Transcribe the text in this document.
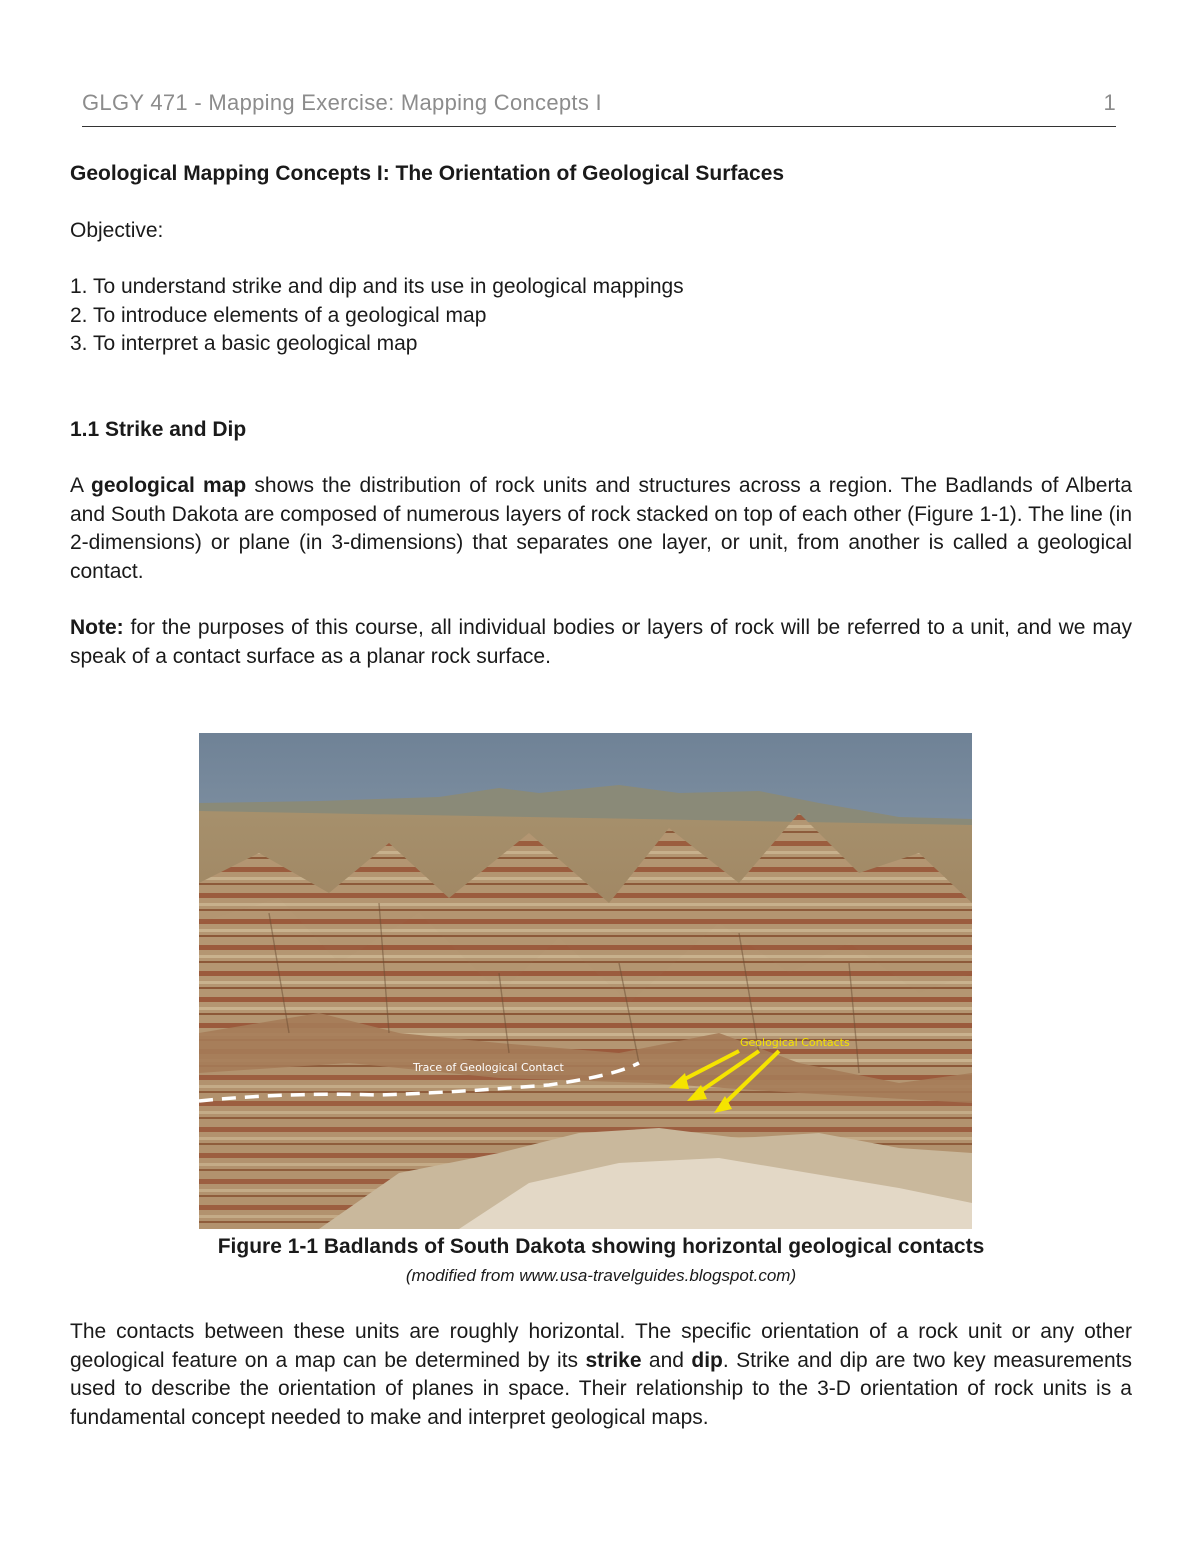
GLGY 471 - Mapping Exercise: Mapping Concepts I	1
Geological Mapping Concepts I: The Orientation of Geological Surfaces
Objective:
1. To understand strike and dip and its use in geological mappings
2. To introduce elements of a geological map
3. To interpret a basic geological map
1.1 Strike and Dip
A geological map shows the distribution of rock units and structures across a region. The Badlands of Alberta and South Dakota are composed of numerous layers of rock stacked on top of each other (Figure 1-1). The line (in 2-dimensions) or plane (in 3-dimensions) that separates one layer, or unit, from another is called a geological contact.
Note: for the purposes of this course, all individual bodies or layers of rock will be referred to a unit, and we may speak of a contact surface as a planar rock surface.
Trace of Geological Contact
Geological Contacts
Figure 1-1 Badlands of South Dakota showing horizontal geological contacts
(modified from www.usa-travelguides.blogspot.com)
The contacts between these units are roughly horizontal. The specific orientation of a rock unit or any other geological feature on a map can be determined by its strike and dip. Strike and dip are two key measurements used to describe the orientation of planes in space. Their relationship to the 3-D orientation of rock units is a fundamental concept needed to make and interpret geological maps.
